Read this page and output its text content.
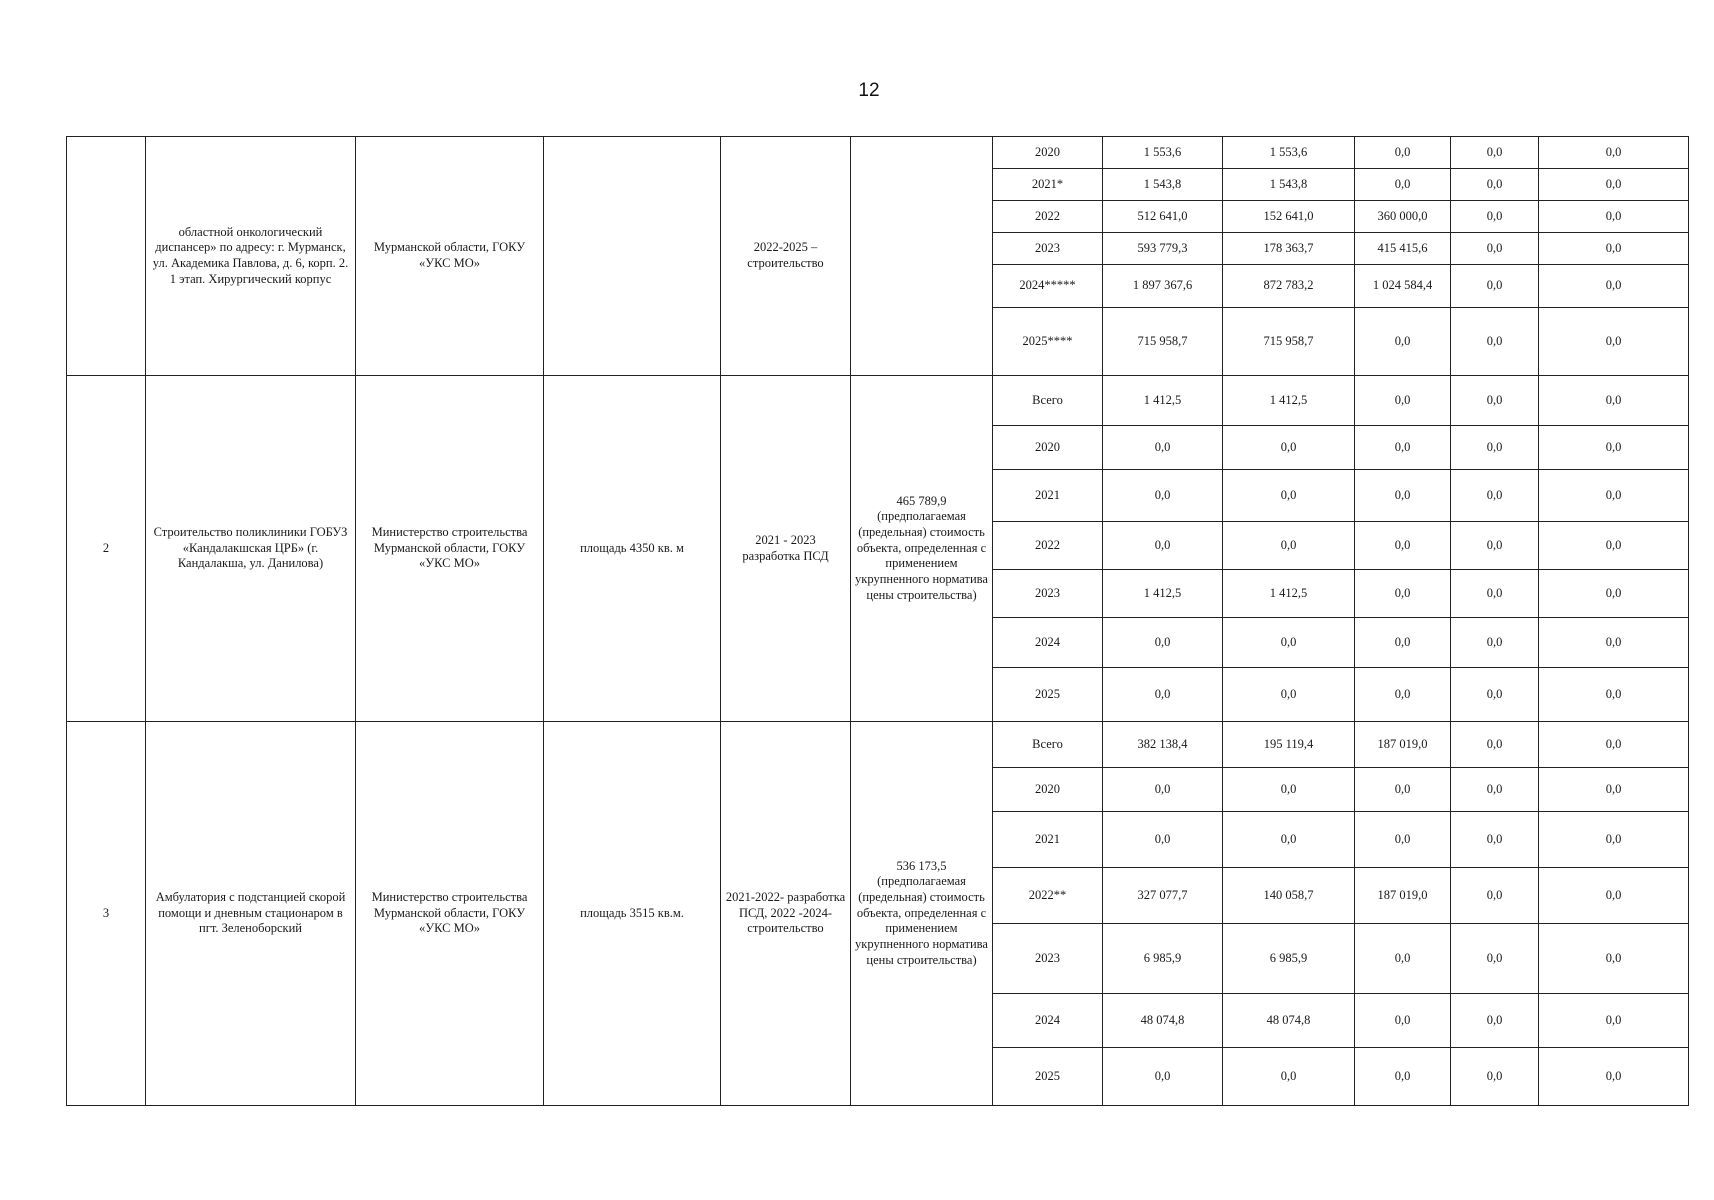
12
	областной онкологический диспансер» по адресу: г. Мурманск, ул. Академика Павлова, д. 6, корп. 2. 1 этап. Хирургический корпус	Мурманской области, ГОКУ «УКС МО»		2022-2025 – строительство		2020	1 553,6	1 553,6	0,0	0,0	0,0
						2021*	1 543,8	1 543,8	0,0	0,0	0,0
						2022	512 641,0	152 641,0	360 000,0	0,0	0,0
						2023	593 779,3	178 363,7	415 415,6	0,0	0,0
						2024*****	1 897 367,6	872 783,2	1 024 584,4	0,0	0,0
						2025****	715 958,7	715 958,7	0,0	0,0	0,0
2	Строительство поликлиники ГОБУЗ «Кандалакшская ЦРБ» (г. Кандалакша, ул. Данилова)	Министерство строительства Мурманской области, ГОКУ «УКС МО»	площадь 4350 кв. м	2021 - 2023 разработка ПСД	465 789,9 (предполагаемая (предельная) стоимость объекта, определенная с применением укрупненного норматива цены строительства)	Всего	1 412,5	1 412,5	0,0	0,0	0,0
						2020	0,0	0,0	0,0	0,0	0,0
						2021	0,0	0,0	0,0	0,0	0,0
						2022	0,0	0,0	0,0	0,0	0,0
						2023	1 412,5	1 412,5	0,0	0,0	0,0
						2024	0,0	0,0	0,0	0,0	0,0
						2025	0,0	0,0	0,0	0,0	0,0
3	Амбулатория с подстанцией скорой помощи и дневным стационаром в пгт. Зеленоборский	Министерство строительства Мурманской области, ГОКУ «УКС МО»	площадь 3515 кв.м.	2021-2022- разработка ПСД, 2022 -2024- строительство	536 173,5 (предполагаемая (предельная) стоимость объекта, определенная с применением укрупненного норматива цены строительства)	Всего	382 138,4	195 119,4	187 019,0	0,0	0,0
						2020	0,0	0,0	0,0	0,0	0,0
						2021	0,0	0,0	0,0	0,0	0,0
						2022**	327 077,7	140 058,7	187 019,0	0,0	0,0
						2023	6 985,9	6 985,9	0,0	0,0	0,0
						2024	48 074,8	48 074,8	0,0	0,0	0,0
						2025	0,0	0,0	0,0	0,0	0,0
